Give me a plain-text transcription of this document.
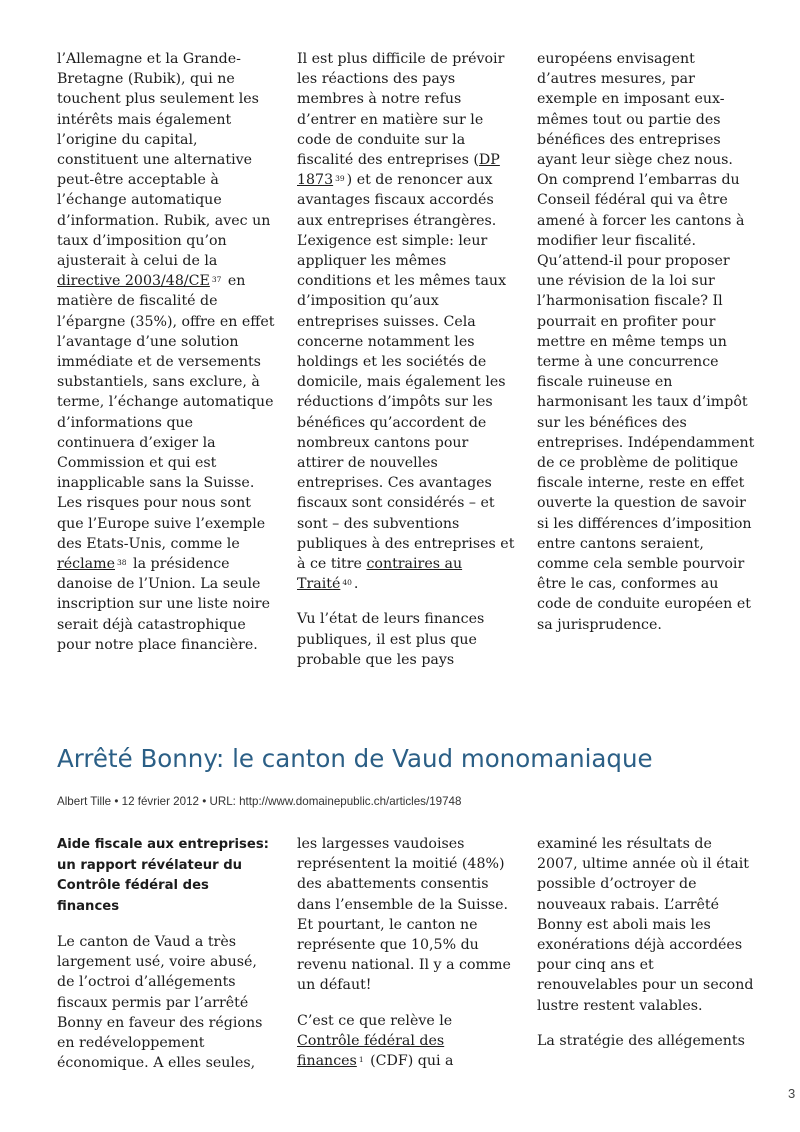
l’Allemagne et la Grande-Bretagne (Rubik), qui ne touchent plus seulement les intérêts mais également l’origine du capital, constituent une alternative peut-être acceptable à l’échange automatique d’information. Rubik, avec un taux d’imposition qu’on ajusterait à celui de la directive 2003/48/CE $^{37}$ en matière de fiscalité de l’épargne (35%), offre en effet l’avantage d’une solution immédiate et de versements substantiels, sans exclure, à terme, l’échange automatique d’informations que continuera d’exiger la Commission et qui est inapplicable sans la Suisse. Les risques pour nous sont que l’Europe suive l’exemple des Etats-Unis, comme le réclame $^{38}$ la présidence danoise de l’Union. La seule inscription sur une liste noire serait déjà catastrophique pour notre place financière.

Il est plus difficile de prévoir les réactions des pays membres à notre refus d’entrer en matière sur le code de conduite sur la fiscalité des entreprises (DP 1873 $^{39}$ ) et de renoncer aux avantages fiscaux accordés aux entreprises étrangères. L’exigence est simple: leur appliquer les mêmes conditions et les mêmes taux d’imposition qu’aux entreprises suisses. Cela concerne notamment les holdings et les sociétés de domicile, mais également les réductions d’impôts sur les bénéfices qu’accordent de nombreux cantons pour attirer de nouvelles entreprises. Ces avantages fiscaux sont considérés – et sont – des subventions publiques à des entreprises et à ce titre contraires au Traité $^{40}$ .

Vu l’état de leurs finances publiques, il est plus que probable que les pays

européens envisagent d’autres mesures, par exemple en imposant eux-mêmes tout ou partie des bénéfices des entreprises ayant leur siège chez nous. On comprend l’embarras du Conseil fédéral qui va être amené à forcer les cantons à modifier leur fiscalité. Qu’attend-il pour proposer une révision de la loi sur l’harmonisation fiscale? Il pourrait en profiter pour mettre en même temps un terme à une concurrence fiscale ruineuse en harmonisant les taux d’impôt sur les bénéfices des entreprises. Indépendamment de ce problème de politique fiscale interne, reste en effet ouverte la question de savoir si les différences d’imposition entre cantons seraient, comme cela semble pourvoir être le cas, conformes au code de conduite européen et sa jurisprudence.

Arrêté Bonny: le canton de Vaud monomaniaque
Albert Tille • 12 février 2012 • URL: http://www.domainepublic.ch/articles/19748
Aide fiscale aux entreprises: un rapport révélateur du Contrôle fédéral des finances

Le canton de Vaud a très largement usé, voire abusé, de l’octroi d’allégements fiscaux permis par l’arrêté Bonny en faveur des régions en redéveloppement économique. A elles seules,

les largesses vaudoises représentent la moitié (48%) des abattements consentis dans l’ensemble de la Suisse. Et pourtant, le canton ne représente que 10,5% du revenu national. Il y a comme un défaut!

C’est ce que relève le Contrôle fédéral des finances $^1$ (CDF) qui a

examiné les résultats de 2007, ultime année où il était possible d’octroyer de nouveaux rabais. L’arrêté Bonny est aboli mais les exonérations déjà accordées pour cinq ans et renouvelables pour un second lustre restent valables.

La stratégie des allégements

3
